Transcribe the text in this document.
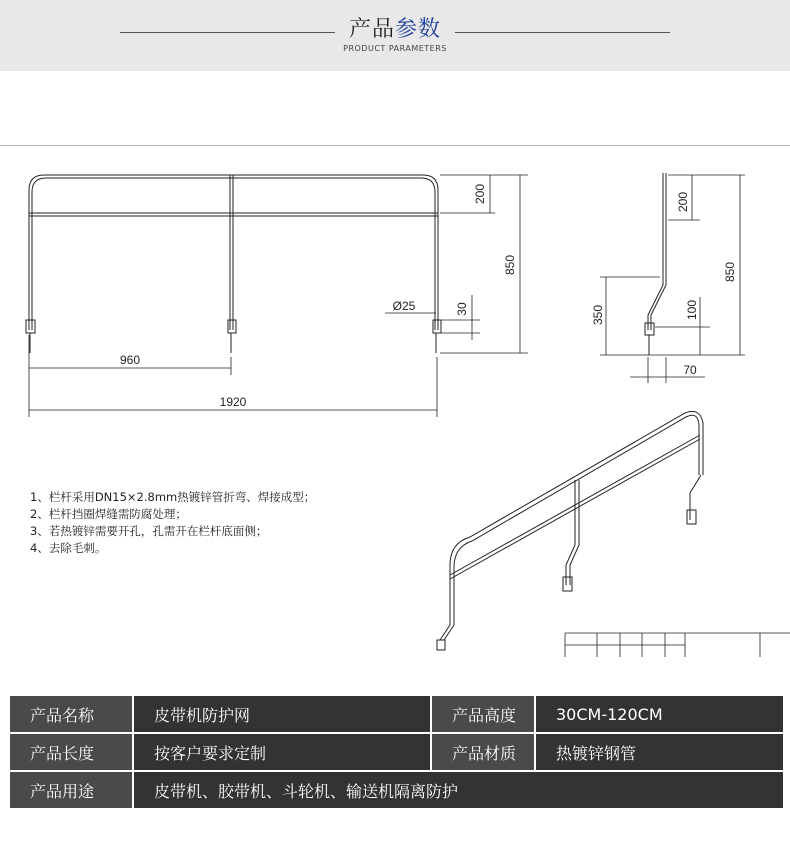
产品参数
PRODUCT PARAMETERS
200
850
Ø25	30
960
1920
200
850
350	100
70
1、栏杆采用DN15×2.8mm热镀锌管折弯、焊接成型；
2、栏杆挡圈焊缝需防腐处理；
3、若热镀锌需要开孔，孔需开在栏杆底面侧；
4、去除毛刺。
产品名称	皮带机防护网	产品高度	30CM-120CM
产品长度	按客户要求定制	产品材质	热镀锌钢管
产品用途	皮带机、胶带机、斗轮机、输送机隔离防护		
